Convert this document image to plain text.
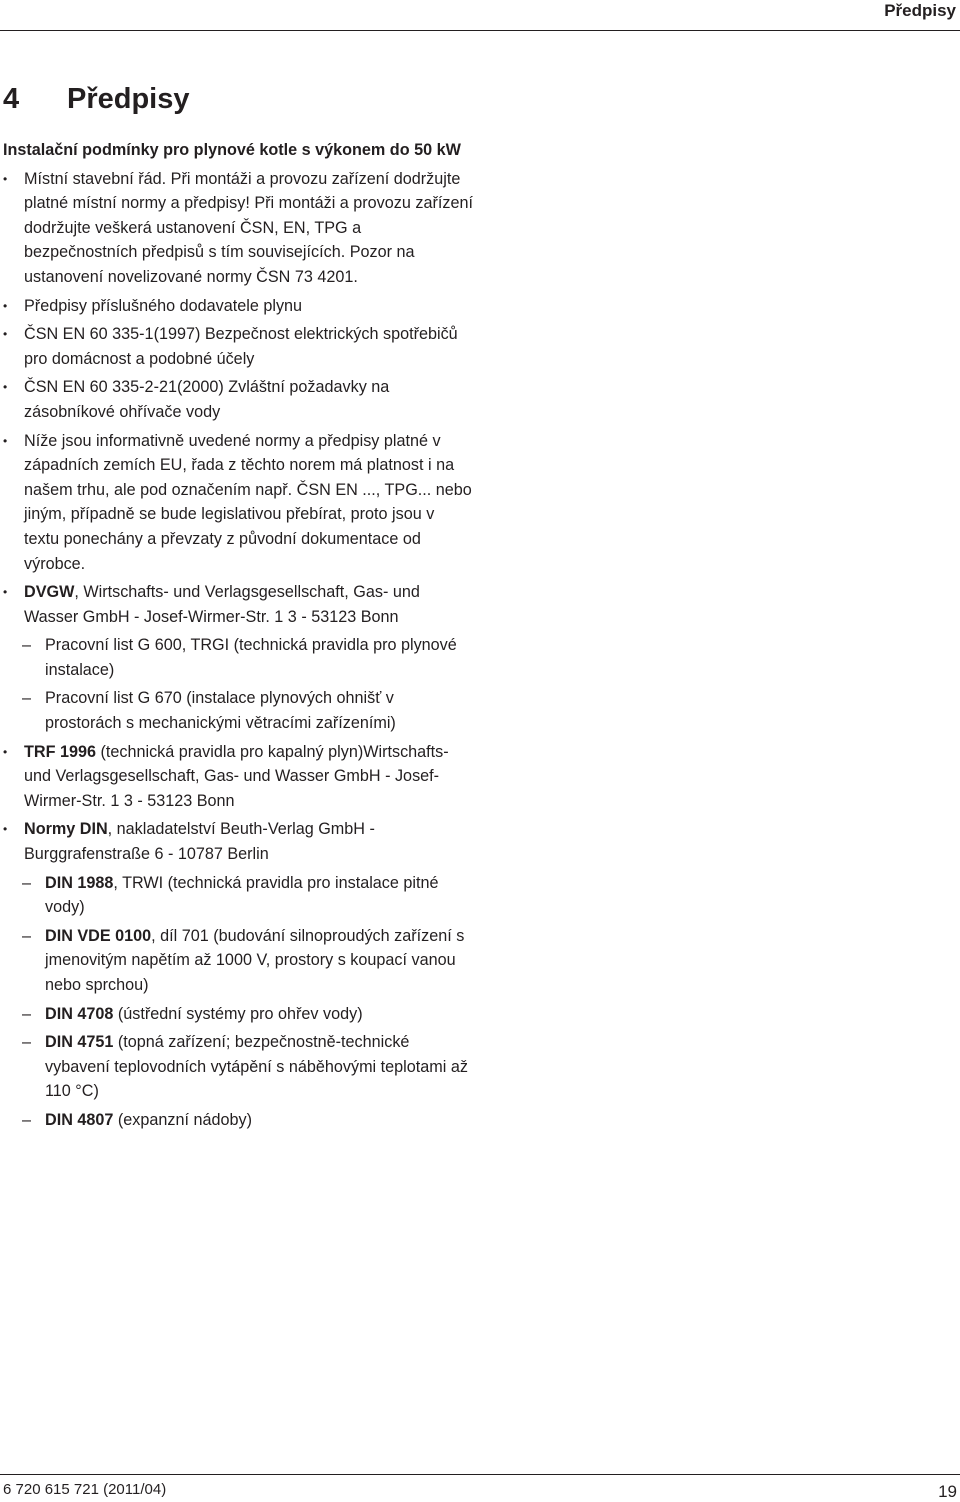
Předpisy
4 Předpisy
Instalační podmínky pro plynové kotle s výkonem do 50 kW
• Místní stavební řád. Při montáži a provozu zařízení dodržujte platné místní normy a předpisy! Při montáži a provozu zařízení dodržujte veškerá ustanovení ČSN, EN, TPG a bezpečnostních předpisů s tím souvisejících. Pozor na ustanovení novelizované normy ČSN 73 4201.
• Předpisy příslušného dodavatele plynu
• ČSN EN 60 335-1(1997) Bezpečnost elektrických spotřebičů pro domácnost a podobné účely
• ČSN EN 60 335-2-21(2000) Zvláštní požadavky na zásobníkové ohřívače vody
• Níže jsou informativně uvedené normy a předpisy platné v západních zemích EU, řada z těchto norem má platnost i na našem trhu, ale pod označením např. ČSN EN ..., TPG... nebo jiným, případně se bude legislativou přebírat, proto jsou v textu ponechány a převzaty z původní dokumentace od výrobce.
• DVGW, Wirtschafts- und Verlagsgesellschaft, Gas- und Wasser GmbH - Josef-Wirmer-Str. 1 3 - 53123 Bonn
– Pracovní list G 600, TRGI (technická pravidla pro plynové instalace)
– Pracovní list G 670 (instalace plynových ohnišť v prostorách s mechanickými větracími zařízeními)
• TRF 1996 (technická pravidla pro kapalný plyn)Wirtschafts- und Verlagsgesellschaft, Gas- und Wasser GmbH - Josef-Wirmer-Str. 1 3 - 53123 Bonn
• Normy DIN, nakladatelství Beuth-Verlag GmbH - Burggrafenstraße 6 - 10787 Berlin
– DIN 1988, TRWI (technická pravidla pro instalace pitné vody)
– DIN VDE 0100, díl 701 (budování silnoproudých zařízení s jmenovitým napětím až 1000 V, prostory s koupací vanou nebo sprchou)
– DIN 4708 (ústřední systémy pro ohřev vody)
– DIN 4751 (topná zařízení; bezpečnostně-technické vybavení teplovodních vytápění s náběhovými teplotami až 110 °C)
– DIN 4807 (expanzní nádoby)
6 720 615 721 (2011/04)	19
